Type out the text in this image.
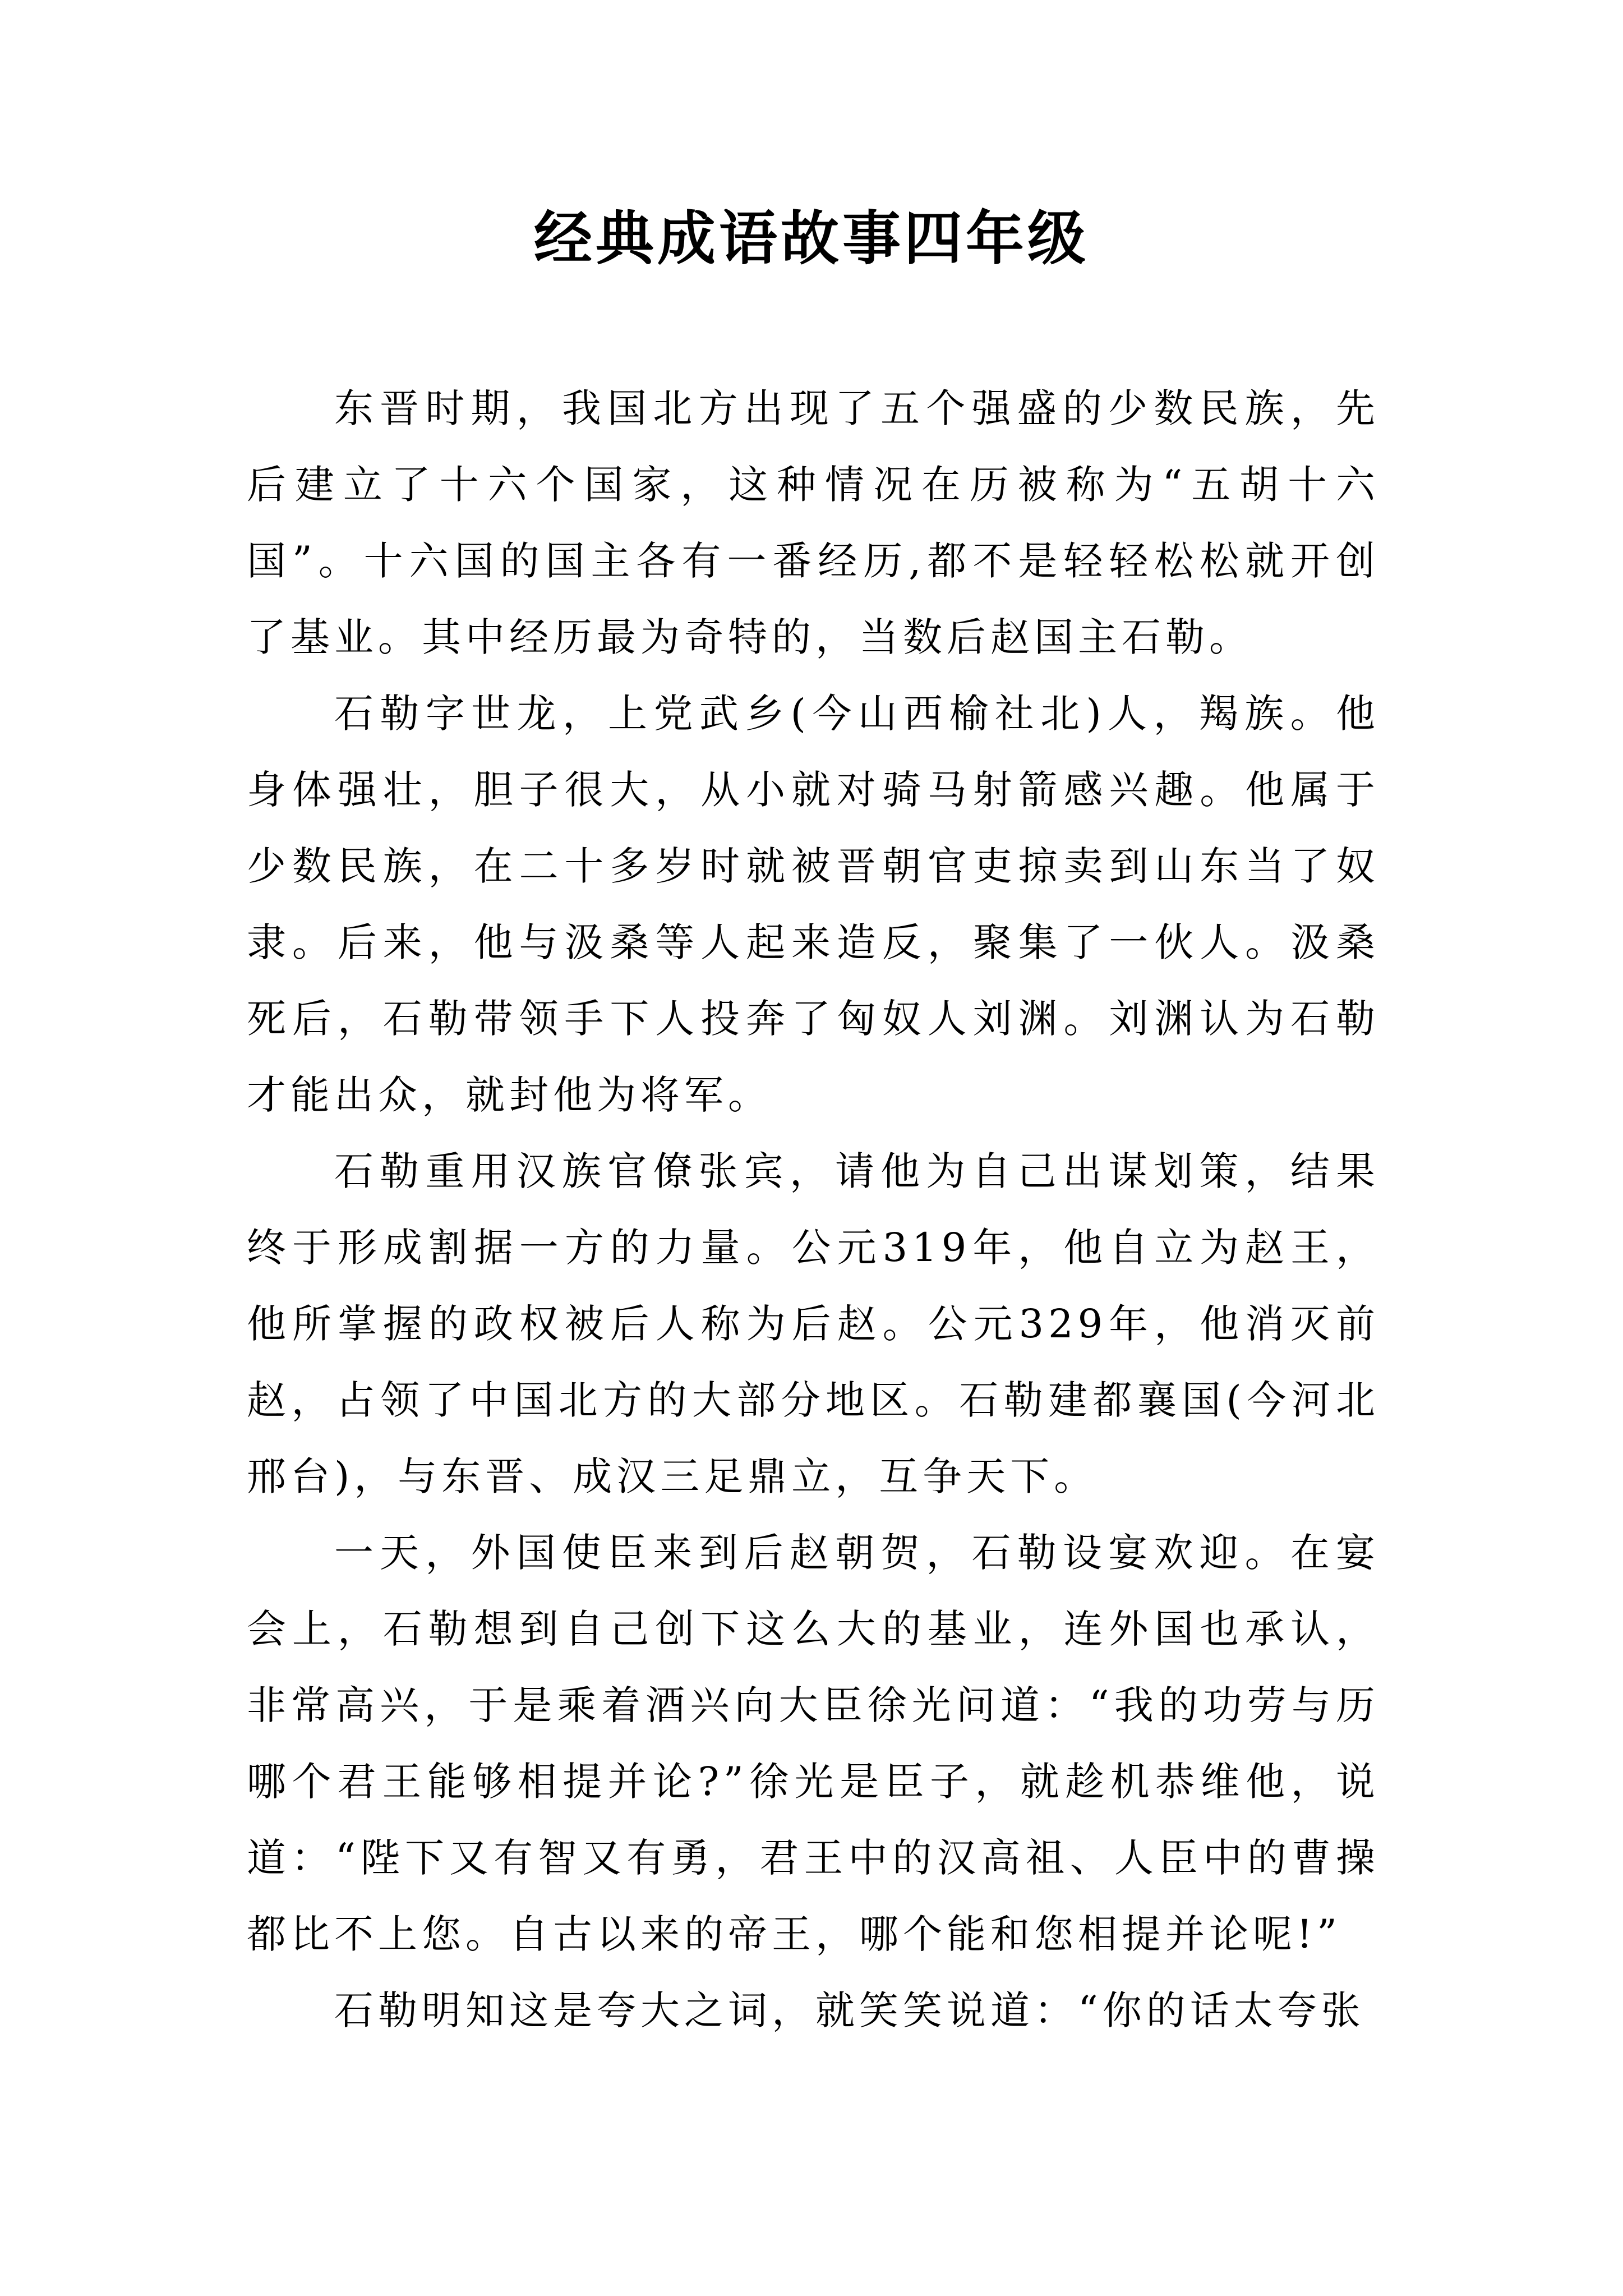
经典成语故事四年级

东晋时期，我国北方出现了五个强盛的少数民族，先后建立了十六个国家，这种情况在历被称为“五胡十六国”。十六国的国主各有一番经历,都不是轻轻松松就开创了基业。其中经历最为奇特的，当数后赵国主石勒。

石勒字世龙，上党武乡(今山西榆社北)人，羯族。他身体强壮，胆子很大，从小就对骑马射箭感兴趣。他属于少数民族，在二十多岁时就被晋朝官吏掠卖到山东当了奴隶。后来，他与汲桑等人起来造反，聚集了一伙人。汲桑死后，石勒带领手下人投奔了匈奴人刘渊。刘渊认为石勒才能出众，就封他为将军。

石勒重用汉族官僚张宾，请他为自己出谋划策，结果终于形成割据一方的力量。公元319年，他自立为赵王，他所掌握的政权被后人称为后赵。公元329年，他消灭前赵，占领了中国北方的大部分地区。石勒建都襄国(今河北邢台)，与东晋、成汉三足鼎立，互争天下。

一天，外国使臣来到后赵朝贺，石勒设宴欢迎。在宴会上，石勒想到自己创下这么大的基业，连外国也承认，非常高兴，于是乘着酒兴向大臣徐光问道：“我的功劳与历哪个君王能够相提并论?”徐光是臣子，就趁机恭维他，说道：“陛下又有智又有勇，君王中的汉高祖、人臣中的曹操都比不上您。自古以来的帝王，哪个能和您相提并论呢!”

石勒明知这是夸大之词，就笑笑说道：“你的话太夸张
